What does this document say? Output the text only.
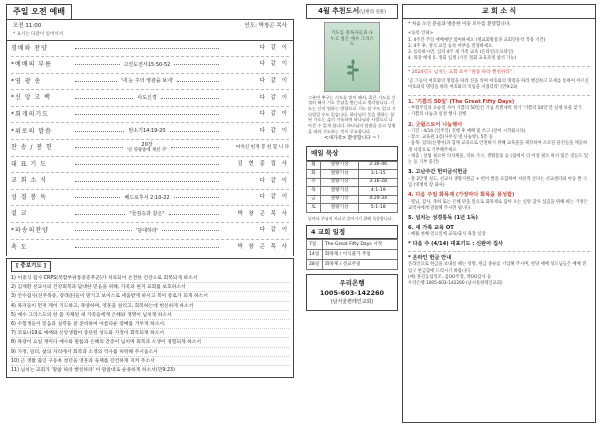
주일 오전 예배
오전 11:00	인도: 박창곤 목사
* 표시는 다같이 일어서서
경배와 찬양	다 같 이
*예배의 부름	고린도전서15:50-52	다 같 이
*영 광 송	'내 눈 주의 영광을 보네'	다 같 이
*신 앙 고 백	사도신경	다 같 이
*회개의기도	다 같 이
*위로의 말씀	탄소기14:19-20	다 같 이
찬 송 / 봉 헌	20장
'큰 영광중에 계신 주'	마치신 헌게 봉 헌 합 니 다
대 표 기 도	김 현 종 집 사
교 회 소 식	다 같 이
성 경 봉 독	베드로후서 2:10-22	다 같 이
설 교	"들짐승과 같은"	박 창 곤 목 사
*파송의찬양	'담대하라'	다 같 이
축 도	박 창 곤 목 사
[ 중보기도 ]
1) 이중식 집사 CRPS(복합부위통증증후군)가 치료되어 온전한 건강으로 회복되게 하소서
2) 김재환 선교사의 건강회복과 담대한 믿음을 위해, 가족과 현지 교회를 보호하소서
3) 안수집사(선주목송, 장래준)들이 맡기고 보이스로 세움받게 하시고 복이 통로가 되게 하소서
4) 목자들이 먼저 깨어 기도하고, 목양하며, 영혼을 살리고, 회복하는데 헌신하게 하소서
5) 예수 그리스도의 한 몸 지체된 새 가족들에게 은혜와 생명이 넘치게 하소서
6) 수험생들이 믿음과 실력을 잘 준비하여 아름다운 열매를 거두게 하소서.
7) 코로나19로 예배와 신앙생활이 중단된 성도와 가정이 회복되게 하소서
8) 목장이 요일 재미다 예수와 말씀과 은혜의 간증이 넘치며 회복과 소생이 경험되게 하소서
9) 가정, 일터, 삶의 자리에서 회복과 소생의 역사를 허락해 주시옵소서
10) 근 생활 출인 구동옥 청년을 영혼과 육체를 강건하게 지켜 주소서
11) 넘치는 교회가 '말씀 따라 뻗친하라' 이 말씀대로 순종하게 하소서(민9:23)
4월 추천도서(남편의 선물)
기도를 중독자들과 나누고 싶은 예수 그리스도
그분만 추구는 기도를 많이 해서, 혹은 기도를 긴절히 해서 기도 응답을 받는다고 생각합니다. 기도는 신이 원하는 방향으로 기도 할 수도 있고 기다림일 수도 있습니다. 하나님의 뜻을 행하는 참된 기도는 삶의 거룩하며 하나님과 사랑으로 나아갈 수 있게 합니다. 하나님의 말씀을 듣고 성령을 따라 기도하는 것이 중요합니다.
<새가족> 환영합니다 ~ !
매일 묵상
월	열왕기상	2:36-46
화	열왕기상	3:1-15
수	열왕기상	3:16-28
목	열왕기상	4:1-19
금	열왕기상	4:20-34
토	열왕기상	5:1-18
날마다 주님의 자녀로 살아가기 위해 묵상합니다.
4 교회 일정
7일	The Great Fifty Days 시작
14일	화목제 / 이식줄기 주일
28일	화목제 / 선교주일
우리은행
1005-603-142260
(남서울편레인교회)
교 회 소 식
* 처음 오신 분들과 방문한 이웃 모두를 환영합니다.
<등록 안내>
1. 4주간 주일 예배예만 참여하세요 (셀교회활용과 교회연유착 작용 기간)
2. 4주 후, 정식 교인 등록 여부를 결정하세요.
3. 등록하시면, 입직 4주 새 가족 교육 (온라인/오프라인)
4. 목장 배정 5. 정회 입생 (기본 정회 교육과정 참석 가능)
* 2024년도 넘치는 교회 표어 "말씀 따라 뻗친하라"
'곧 그들이 여호와의 명령을 따라 진을 치며 여호와의 명령을 따라 행진하고 모세를 통하여 이르신 여호와의 명령을 따라 여호와의 직임을 지켰더라' (민9:23)
1. '기쁨의 50일' (The Great Fifty Days)
- 부활주일과 오순절 사이 기쁨의 50일간 기념 특별새벽 정기 '기쁨의 50일'간 실제 보물 찾기
- 기쁨의 나눔과 실정 행사 진행
2. 굿윌스토어 나눔행사
- 기간 : 4/14 (일주일) 진행 후 예배 및 쓰고 (장이 시작됩니다)
- 장소: 교육관 1층(사무실 옆 나눔방), 5층 등
- 품목: 입학(신생아)과 함께 교육으로 안전하기 위해 교육물을 제작하여 소모된 물건들을 깨끗하게 사랑으로 기부해주세요
- 제출 : 살림 필요한 의사체품, 의류 가구, 생활용품 등 (집에서 더 이상 필요 하지 않은 것들도 있는 등 기부 물건)
3. 고난주간 헌미금식헌금
- 총 2만명 성도, 선교사 생활지원금 + 헌미 쌀을 포함하여 자선적 산다는 선교센터와 아동 쌀 구입 (영병의 장 화사)
4. 다음 주일 화목제 (가정마다 화목을 풍성함)
- 열님, 감사, 축하 또는 은혜 맡을 말으로 화목제로 담아 오는 신앙 감사 섬김을 위해 하는 가정은 교역자에게 말씀해 주시면 됩니다.
5. 넘치는 성경통독 (1년 1독)
6. 새 가족 교육 OT
- 매월 첫째 일요일에 교육/출석 목장 실장
* 다음 주 (4/14) 대표기도 : 신완아 집사
* 온라인 헌금 안내
온라인으로 헌금을 보내실 때는 성명, 헌금 종류를 기입해 주시며, 헌당 예배 성도님들은 예배 전 입구 헌금함에 드리시기 바랍니다.
(예) 홍길동십일조, 김OO주정, 박OO감사 등
우리은행 1005-603-142260 (남서울편레인교회)
